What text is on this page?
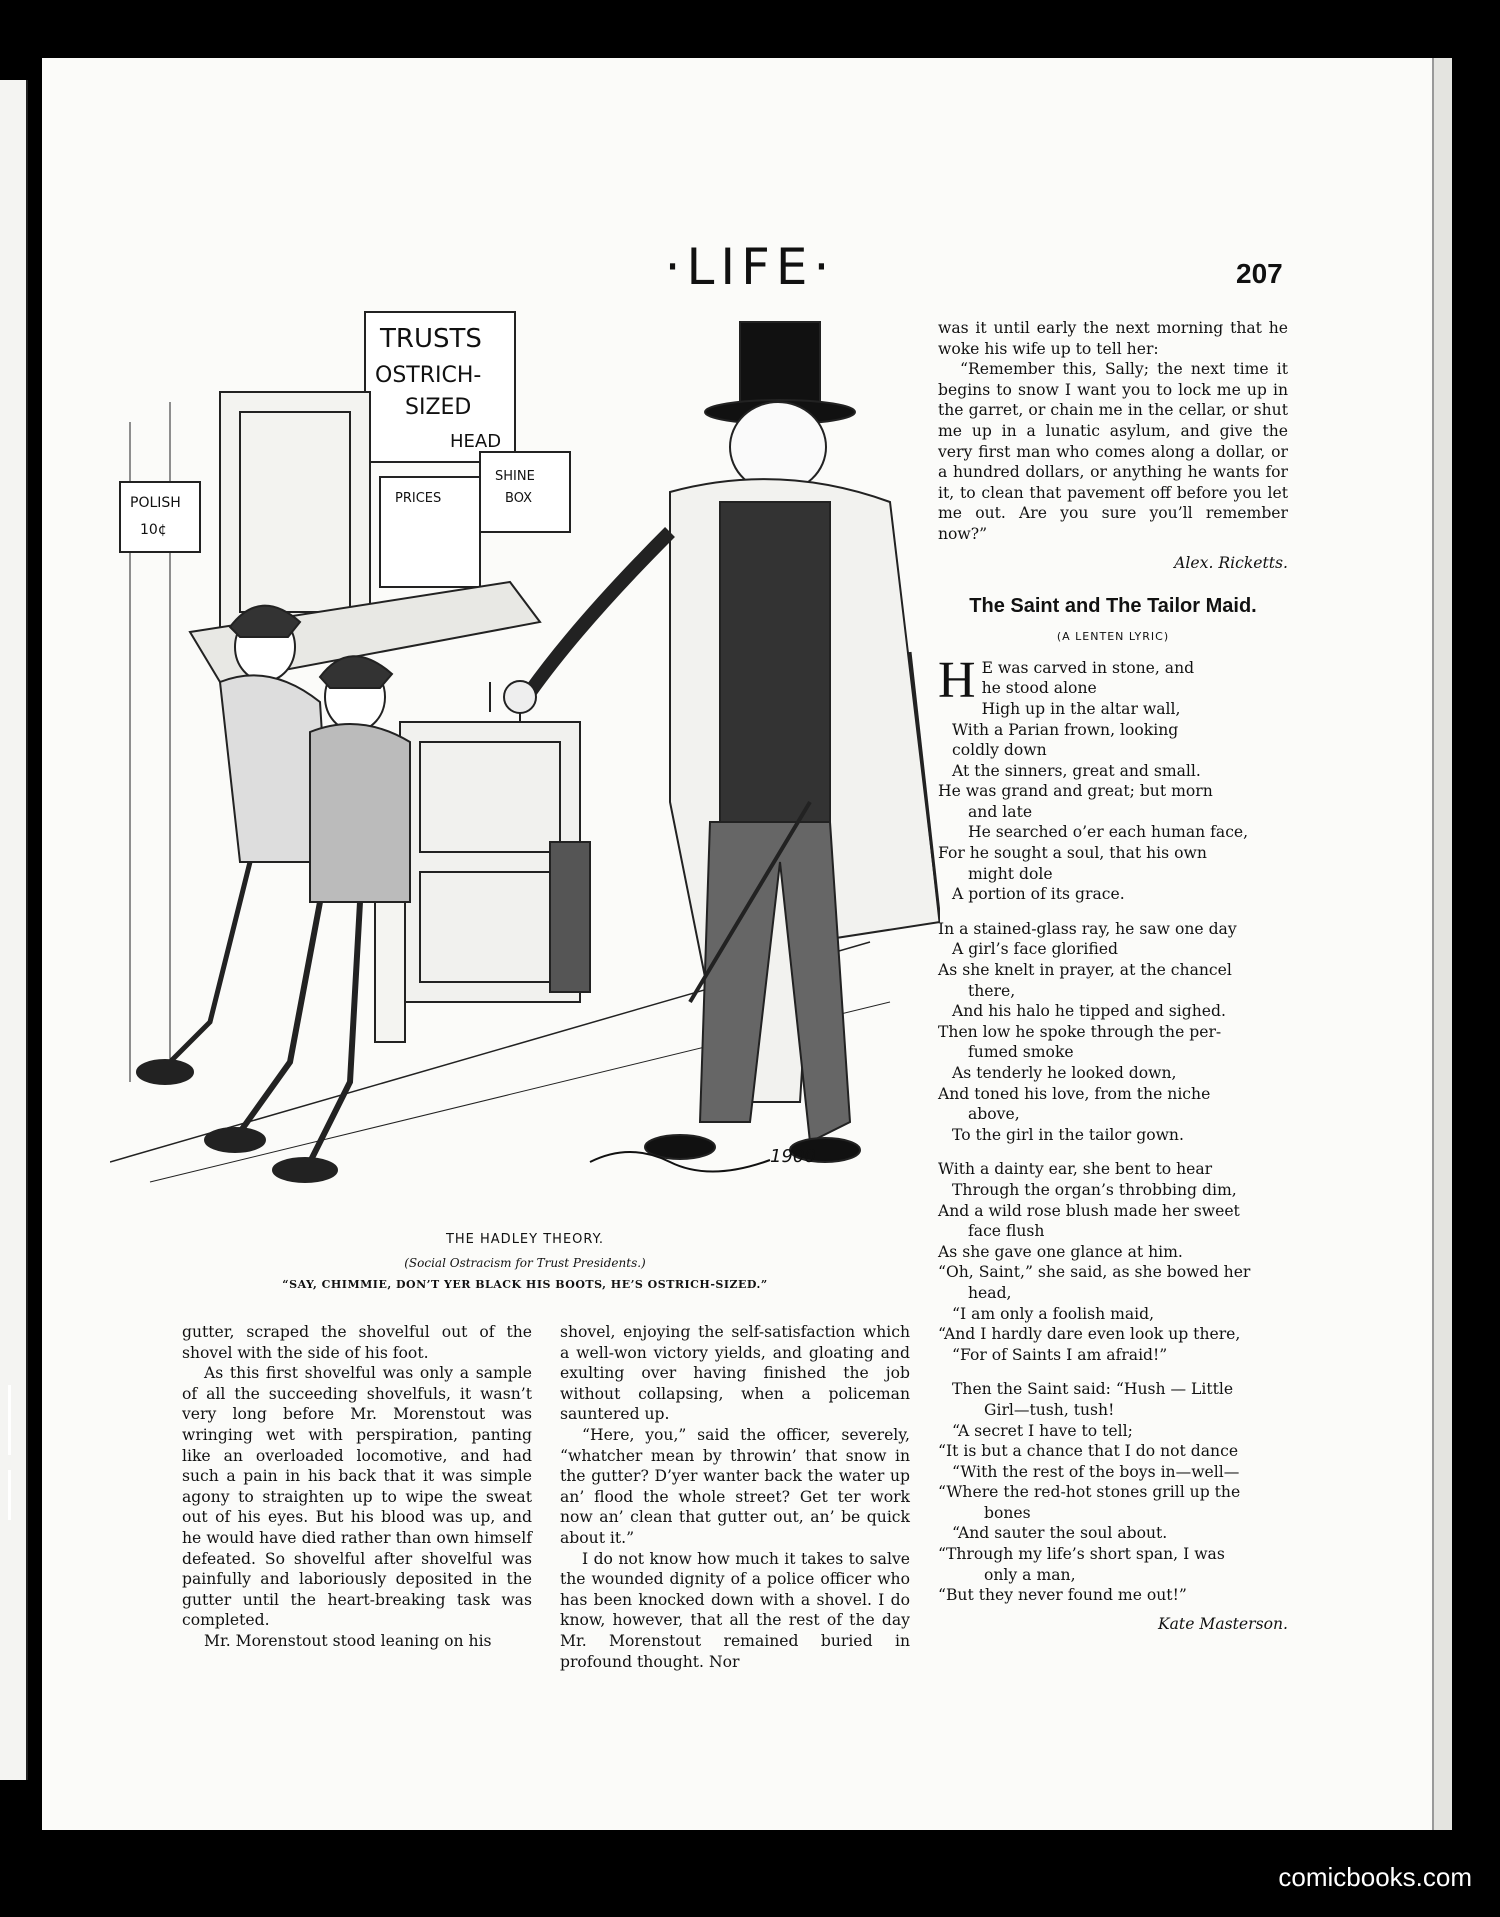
·LIFE·	207
TRUSTS
OSTRICH-
SIZED
HEAD
POLISH
10¢
PRICES
SHINE
BOX
1900
THE HADLEY THEORY.
(Social Ostracism for Trust Presidents.)
“SAY, CHIMMIE, DON’T YER BLACK HIS BOOTS, HE’S OSTRICH-SIZED.”

gutter, scraped the shovelful out of the shovel with the side of his foot.

As this first shovelful was only a sample of all the succeeding shovelfuls, it wasn’t very long before Mr. Morenstout was wringing wet with perspiration, panting like an overloaded locomotive, and had such a pain in his back that it was simple agony to straighten up to wipe the sweat out of his eyes. But his blood was up, and he would have died rather than own himself defeated. So shovelful after shovelful was painfully and laboriously deposited in the gutter until the heart-breaking task was completed.

Mr. Morenstout stood leaning on his

shovel, enjoying the self-satisfaction which a well-won victory yields, and gloating and exulting over having finished the job without collapsing, when a policeman sauntered up.

“Here, you,” said the officer, severely, “whatcher mean by throwin’ that snow in the gutter? D’yer wanter back the water up an’ flood the whole street? Get ter work now an’ clean that gutter out, an’ be quick about it.”

I do not know how much it takes to salve the wounded dignity of a police officer who has been knocked down with a shovel. I do know, however, that all the rest of the day Mr. Morenstout remained buried in profound thought. Nor

was it until early the next morning that he woke his wife up to tell her:

“Remember this, Sally; the next time it begins to snow I want you to lock me up in the garret, or chain me in the cellar, or shut me up in a lunatic asylum, and give the very first man who comes along a dollar, or a hundred dollars, or anything he wants for it, to clean that pavement off before you let me out. Are you sure you’ll remember now?”

Alex. Ricketts.

The Saint and The Tailor Maid.

(A LENTEN LYRIC)

H E was carved in stone, and
he stood alone
High up in the altar wall,
With a Parian frown, looking
coldly down
At the sinners, great and small.
He was grand and great; but morn
and late
He searched o’er each human face,
For he sought a soul, that his own
might dole
A portion of its grace.
In a stained-glass ray, he saw one day
A girl’s face glorified
As she knelt in prayer, at the chancel
there,
And his halo he tipped and sighed.
Then low he spoke through the per-
fumed smoke
As tenderly he looked down,
And toned his love, from the niche
above,
To the girl in the tailor gown.
With a dainty ear, she bent to hear
Through the organ’s throbbing dim,
And a wild rose blush made her sweet
face flush
As she gave one glance at him.
“Oh, Saint,” she said, as she bowed her
head,
“I am only a foolish maid,
“And I hardly dare even look up there,
“For of Saints I am afraid!”
Then the Saint said: “Hush — Little
Girl—tush, tush!
“A secret I have to tell;
“It is but a chance that I do not dance
“With the rest of the boys in—well—
“Where the red-hot stones grill up the
bones
“And sauter the soul about.
“Through my life’s short span, I was
only a man,
“But they never found me out!”

Kate Masterson.

comicbooks.com
